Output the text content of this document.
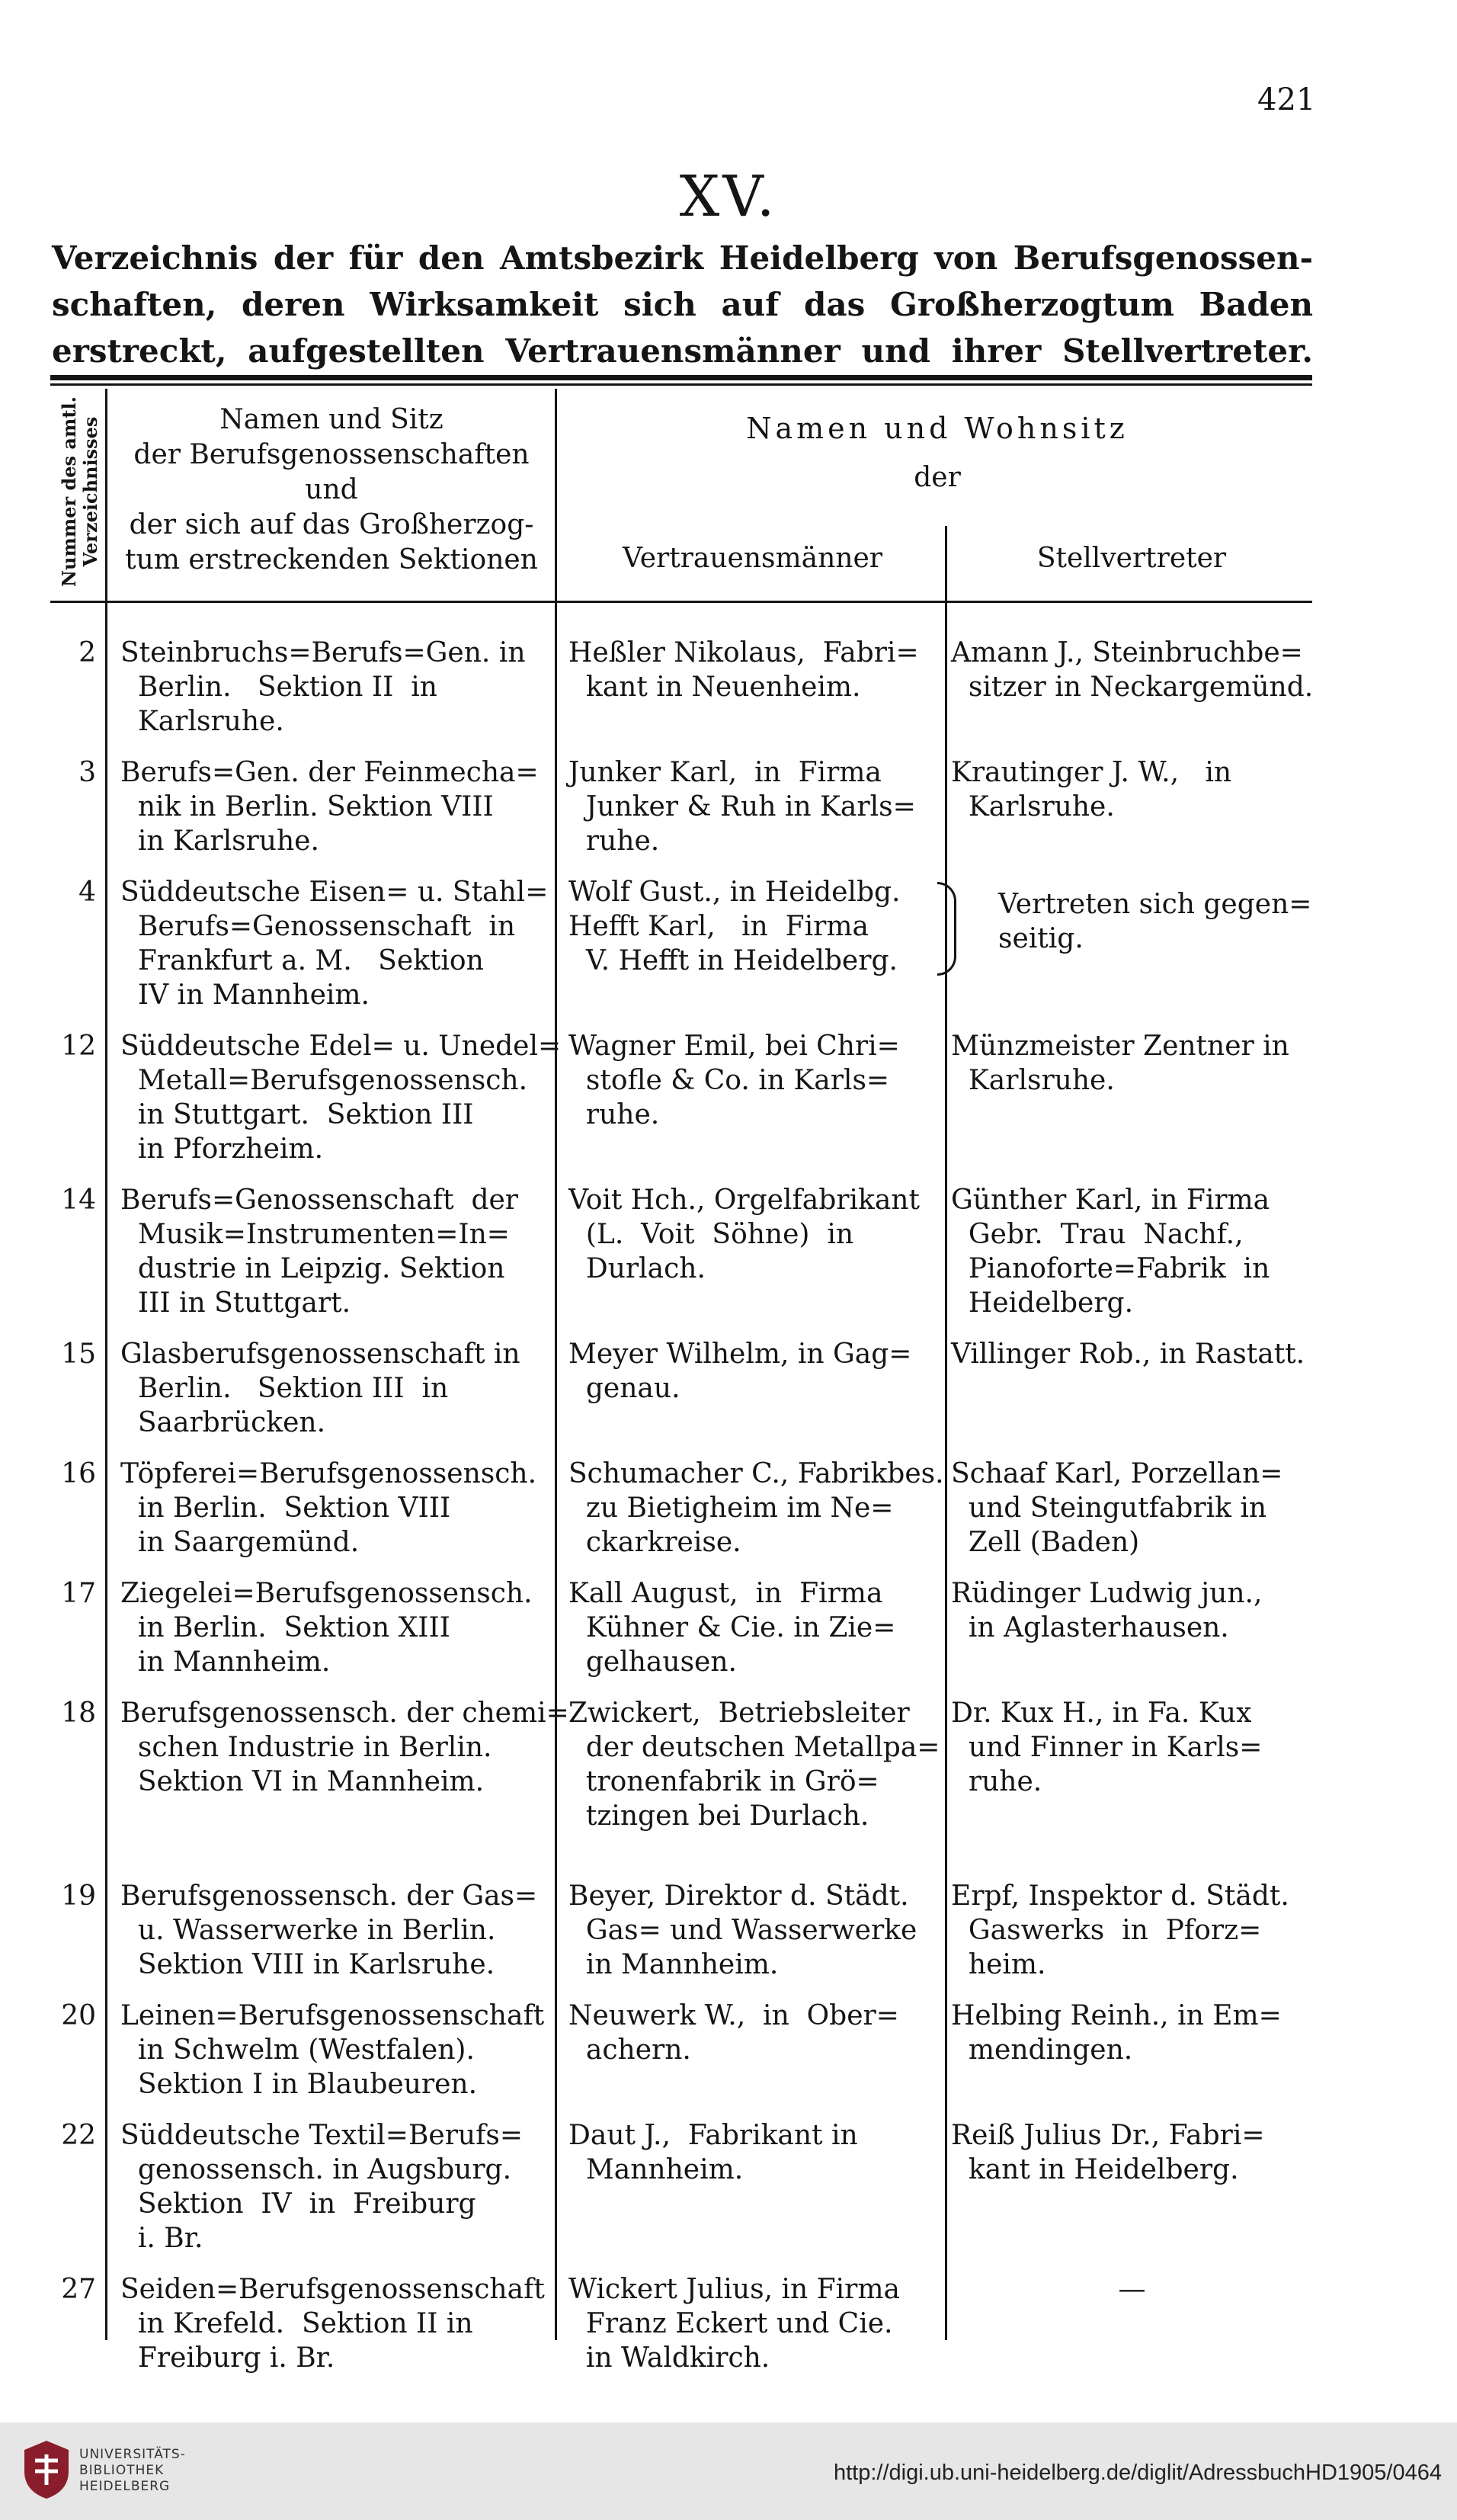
421
XV.
Verzeichnis der für den Amtsbezirk Heidelberg von Berufsgenossen-
schaften, deren Wirksamkeit sich auf das Großherzogtum Baden
erstreckt, aufgestellten Vertrauensmänner und ihrer Stellvertreter.
Nummer des amtl. Verzeichnisses	Namen und Sitz
der Berufsgenossenschaften
und
der sich auf das Großherzog-
tum erstreckenden Sektionen
Namen und Wohnsitz
der
Vertrauensmänner	Stellvertreter
2 Steinbruchs=Berufs=Gen. in
Berlin.   Sektion II  in
Karlsruhe.
Heßler Nikolaus,  Fabri=
kant in Neuenheim.
Amann J., Steinbruchbe=
sitzer in Neckargemünd.
3 Berufs=Gen. der Feinmecha=
nik in Berlin. Sektion VIII
in Karlsruhe.
Junker Karl,  in  Firma
Junker & Ruh in Karls=
ruhe.
Krautinger J. W.,   in
Karlsruhe.
4 Süddeutsche Eisen= u. Stahl=
Berufs=Genossenschaft  in
Frankfurt a. M.   Sektion
IV in Mannheim.
Wolf Gust., in Heidelbg.
Hefft Karl,   in  Firma
V. Hefft in Heidelberg.
Vertreten sich gegen=
seitig.
12 Süddeutsche Edel= u. Unedel=
Metall=Berufsgenossensch.
in Stuttgart.  Sektion III
in Pforzheim.
Wagner Emil, bei Chri=
stofle & Co. in Karls=
ruhe.
Münzmeister Zentner in
Karlsruhe.
14 Berufs=Genossenschaft  der
Musik=Instrumenten=In=
dustrie in Leipzig. Sektion
III in Stuttgart.
Voit Hch., Orgelfabrikant
(L.  Voit  Söhne)  in
Durlach.
Günther Karl, in Firma
Gebr.  Trau  Nachf.,
Pianoforte=Fabrik  in
Heidelberg.
15 Glasberufsgenossenschaft in
Berlin.   Sektion III  in
Saarbrücken.
Meyer Wilhelm, in Gag=
genau.
Villinger Rob., in Rastatt.
16 Töpferei=Berufsgenossensch.
in Berlin.  Sektion VIII
in Saargemünd.
Schumacher C., Fabrikbes.
zu Bietigheim im Ne=
ckarkreise.
Schaaf Karl, Porzellan=
und Steingutfabrik in
Zell (Baden)
17 Ziegelei=Berufsgenossensch.
in Berlin.  Sektion XIII
in Mannheim.
Kall August,  in  Firma
Kühner & Cie. in Zie=
gelhausen.
Rüdinger Ludwig jun.,
in Aglasterhausen.
18 Berufsgenossensch. der chemi=
schen Industrie in Berlin.
Sektion VI in Mannheim.
Zwickert,  Betriebsleiter
der deutschen Metallpa=
tronenfabrik in Grö=
tzingen bei Durlach.
Dr. Kux H., in Fa. Kux
und Finner in Karls=
ruhe.
19 Berufsgenossensch. der Gas=
u. Wasserwerke in Berlin.
Sektion VIII in Karlsruhe.
Beyer, Direktor d. Städt.
Gas= und Wasserwerke
in Mannheim.
Erpf, Inspektor d. Städt.
Gaswerks  in  Pforz=
heim.
20 Leinen=Berufsgenossenschaft
in Schwelm (Westfalen).
Sektion I in Blaubeuren.
Neuwerk W.,  in  Ober=
achern.
Helbing Reinh., in Em=
mendingen.
22 Süddeutsche Textil=Berufs=
genossensch. in Augsburg.
Sektion  IV  in  Freiburg
i. Br.
Daut J.,  Fabrikant in
Mannheim.
Reiß Julius Dr., Fabri=
kant in Heidelberg.
27 Seiden=Berufsgenossenschaft
in Krefeld.  Sektion II in
Freiburg i. Br.
Wickert Julius, in Firma
Franz Eckert und Cie.
in Waldkirch.
—
UNIVERSITÄTS-
BIBLIOTHEK
HEIDELBERG
http://digi.ub.uni-heidelberg.de/diglit/AdressbuchHD1905/0464
